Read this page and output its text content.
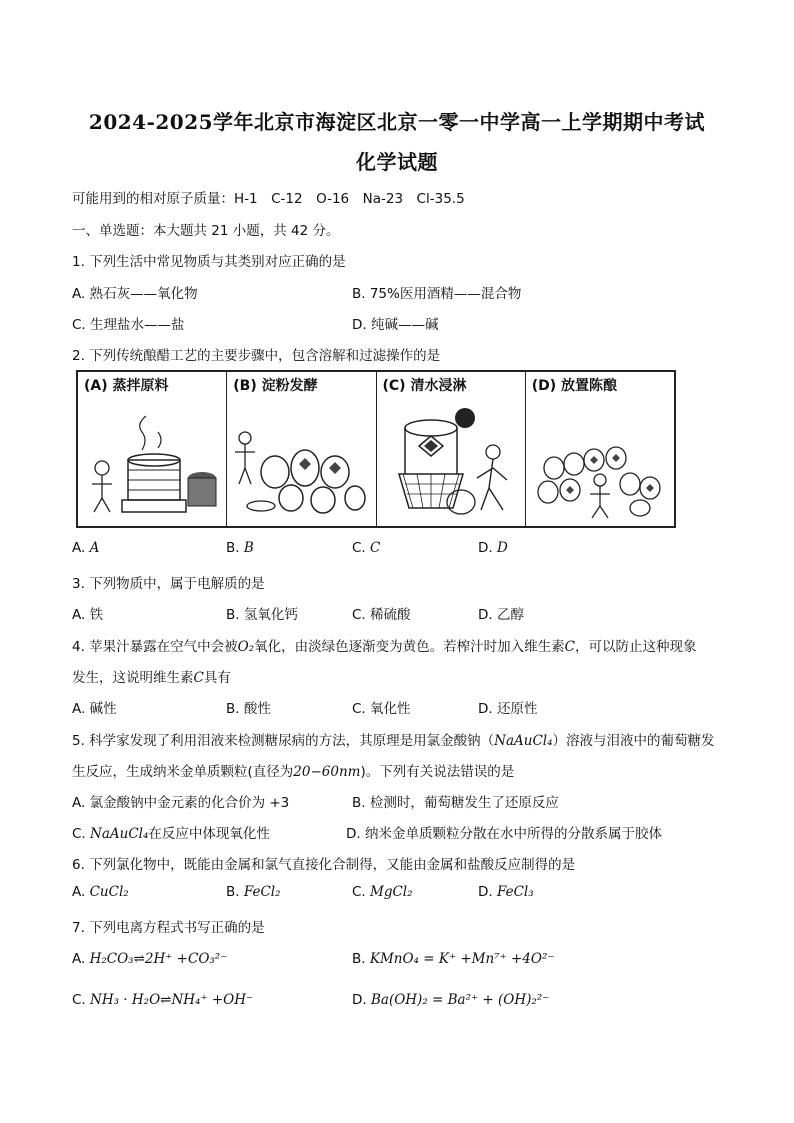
2024-2025学年北京市海淀区北京一零一中学高一上学期期中考试
化学试题
可能用到的相对原子质量：H-1　C-12　O-16　Na-23　Cl-35.5
一、单选题：本大题共 21 小题，共 42 分。
1. 下列生活中常见物质与其类别对应正确的是
A. 熟石灰——氧化物	B. 75%医用酒精——混合物
C. 生理盐水——盐	D. 纯碱——碱
2. 下列传统酿醋工艺的主要步骤中，包含溶解和过滤操作的是
(A) 蒸拌原料	(B) 淀粉发酵	(C) 清水浸淋	(D) 放置陈酿
A. A	B. B	C. C	D. D
3. 下列物质中，属于电解质的是
A. 铁	B. 氢氧化钙	C. 稀硫酸	D. 乙醇
4. 苹果汁暴露在空气中会被O₂氧化，由淡绿色逐渐变为黄色。若榨汁时加入维生素C，可以防止这种现象
发生，这说明维生素C具有
A. 碱性	B. 酸性	C. 氧化性	D. 还原性
5. 科学家发现了利用泪液来检测糖尿病的方法，其原理是用氯金酸钠（NaAuCl₄）溶液与泪液中的葡萄糖发
生反应，生成纳米金单质颗粒(直径为20−60nm)。下列有关说法错误的是
A. 氯金酸钠中金元素的化合价为 +3	B. 检测时，葡萄糖发生了还原反应
C. NaAuCl₄在反应中体现氧化性	D. 纳米金单质颗粒分散在水中所得的分散系属于胶体
6. 下列氯化物中，既能由金属和氯气直接化合制得，又能由金属和盐酸反应制得的是
A. CuCl₂	B. FeCl₂	C. MgCl₂	D. FeCl₃
7. 下列电离方程式书写正确的是
A. H₂CO₃⇌2H⁺ +CO₃²⁻	B. KMnO₄ = K⁺ +Mn⁷⁺ +4O²⁻
C. NH₃ · H₂O⇌NH₄⁺ +OH⁻	D. Ba(OH)₂ = Ba²⁺ + (OH)₂²⁻
